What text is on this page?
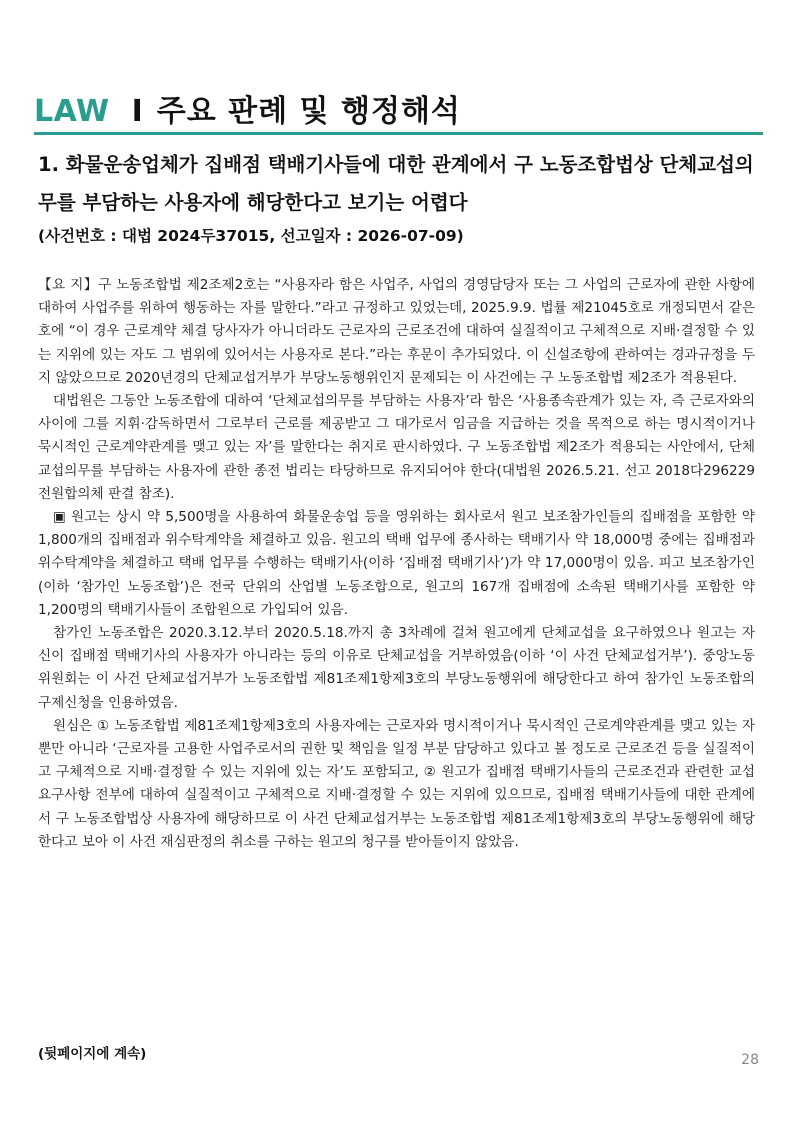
LAW I 주요 판례 및 행정해석
1. 화물운송업체가 집배점 택배기사들에 대한 관계에서 구 노동조합법상 단체교섭의무를 부담하는 사용자에 해당한다고 보기는 어렵다
(사건번호 : 대법 2024두37015, 선고일자 : 2026-07-09)

【요 지】구 노동조합법 제2조제2호는 “사용자라 함은 사업주, 사업의 경영담당자 또는 그 사업의 근로자에 관한 사항에 대하여 사업주를 위하여 행동하는 자를 말한다.”라고 규정하고 있었는데, 2025.9.9. 법률 제21045호로 개정되면서 같은 호에 “이 경우 근로계약 체결 당사자가 아니더라도 근로자의 근로조건에 대하여 실질적이고 구체적으로 지배·결정할 수 있는 지위에 있는 자도 그 범위에 있어서는 사용자로 본다.”라는 후문이 추가되었다. 이 신설조항에 관하여는 경과규정을 두지 않았으므로 2020년경의 단체교섭거부가 부당노동행위인지 문제되는 이 사건에는 구 노동조합법 제2조가 적용된다.

대법원은 그동안 노동조합에 대하여 ‘단체교섭의무를 부담하는 사용자’라 함은 ‘사용종속관계가 있는 자, 즉 근로자와의 사이에 그를 지휘·감독하면서 그로부터 근로를 제공받고 그 대가로서 임금을 지급하는 것을 목적으로 하는 명시적이거나 묵시적인 근로계약관계를 맺고 있는 자’를 말한다는 취지로 판시하였다. 구 노동조합법 제2조가 적용되는 사안에서, 단체교섭의무를 부담하는 사용자에 관한 종전 법리는 타당하므로 유지되어야 한다(대법원 2026.5.21. 선고 2018다296229 전원합의체 판결 참조).

▣ 원고는 상시 약 5,500명을 사용하여 화물운송업 등을 영위하는 회사로서 원고 보조참가인들의 집배점을 포함한 약 1,800개의 집배점과 위수탁계약을 체결하고 있음. 원고의 택배 업무에 종사하는 택배기사 약 18,000명 중에는 집배점과 위수탁계약을 체결하고 택배 업무를 수행하는 택배기사(이하 ‘집배점 택배기사’)가 약 17,000명이 있음. 피고 보조참가인(이하 ‘참가인 노동조합’)은 전국 단위의 산업별 노동조합으로, 원고의 167개 집배점에 소속된 택배기사를 포함한 약 1,200명의 택배기사들이 조합원으로 가입되어 있음.

참가인 노동조합은 2020.3.12.부터 2020.5.18.까지 총 3차례에 걸쳐 원고에게 단체교섭을 요구하였으나 원고는 자신이 집배점 택배기사의 사용자가 아니라는 등의 이유로 단체교섭을 거부하였음(이하 ‘이 사건 단체교섭거부’). 중앙노동위원회는 이 사건 단체교섭거부가 노동조합법 제81조제1항제3호의 부당노동행위에 해당한다고 하여 참가인 노동조합의 구제신청을 인용하였음.

원심은 ① 노동조합법 제81조제1항제3호의 사용자에는 근로자와 명시적이거나 묵시적인 근로계약관계를 맺고 있는 자뿐만 아니라 ‘근로자를 고용한 사업주로서의 권한 및 책임을 일정 부분 담당하고 있다고 볼 정도로 근로조건 등을 실질적이고 구체적으로 지배·결정할 수 있는 지위에 있는 자’도 포함되고, ② 원고가 집배점 택배기사들의 근로조건과 관련한 교섭요구사항 전부에 대하여 실질적이고 구체적으로 지배·결정할 수 있는 지위에 있으므로, 집배점 택배기사들에 대한 관계에서 구 노동조합법상 사용자에 해당하므로 이 사건 단체교섭거부는 노동조합법 제81조제1항제3호의 부당노동행위에 해당한다고 보아 이 사건 재심판정의 취소를 구하는 원고의 청구를 받아들이지 않았음.

(뒷페이지에 계속)	28
